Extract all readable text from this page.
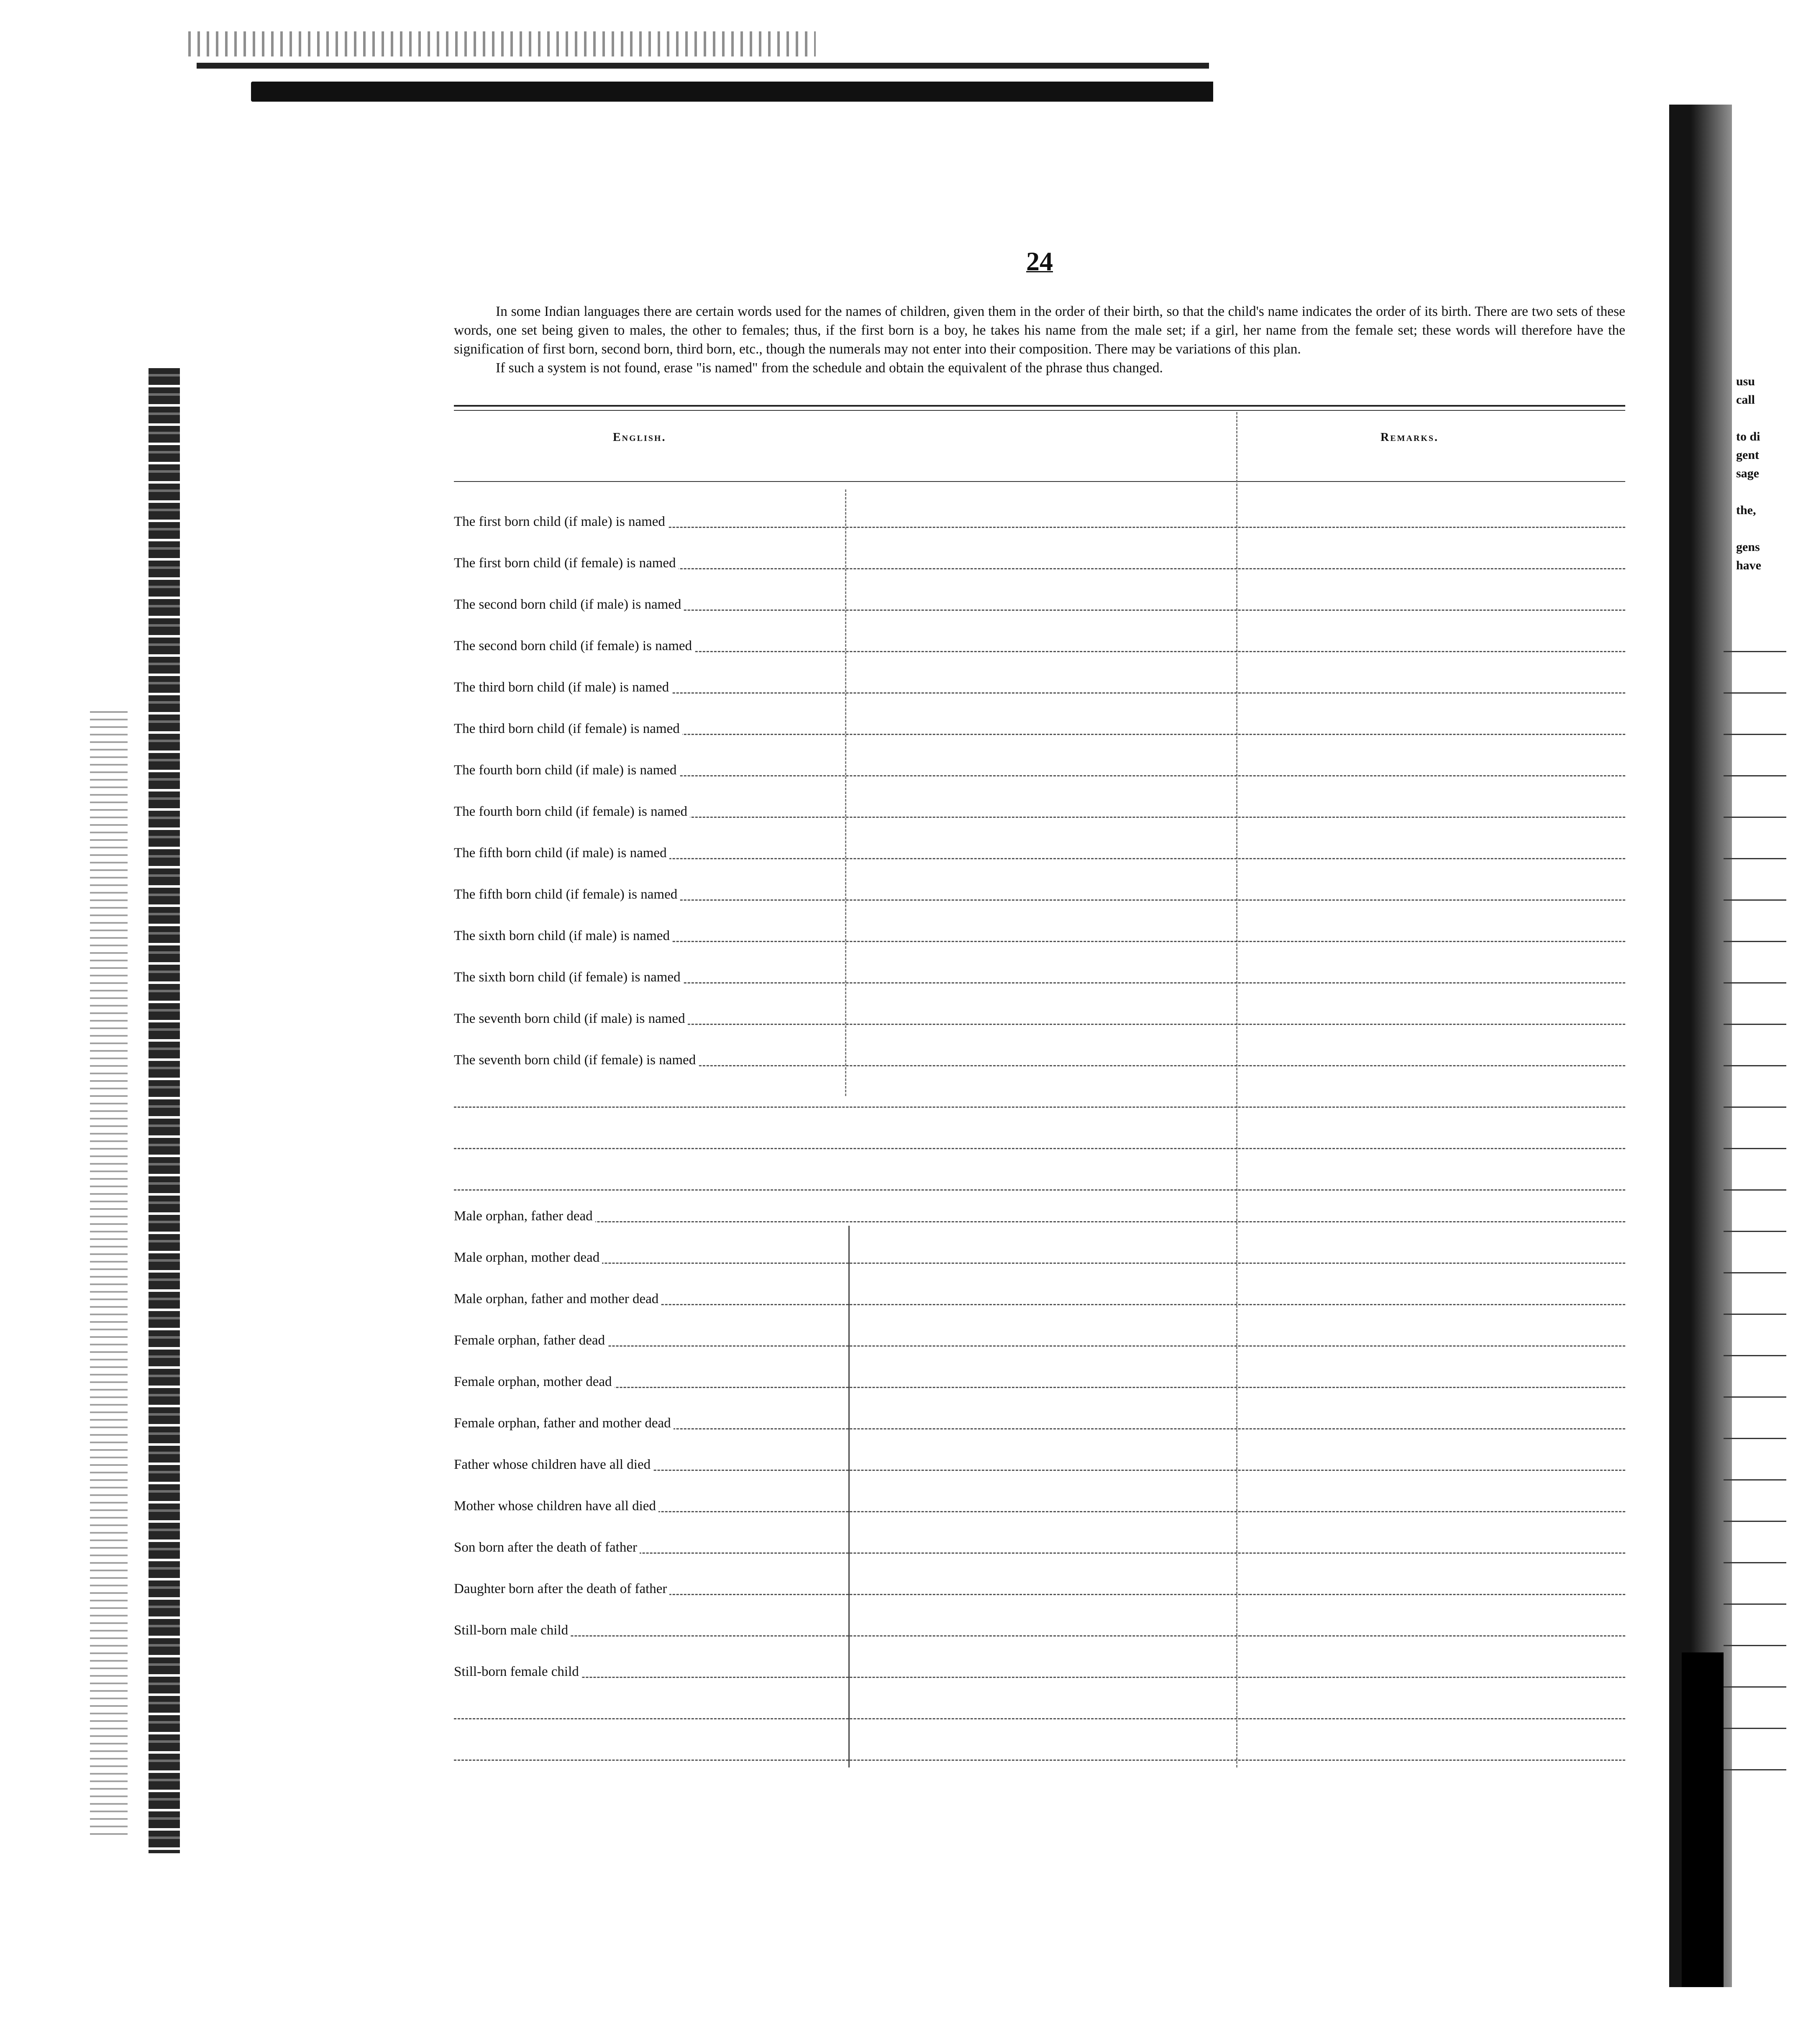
usu
call

to di
gent
sage

the,

gens
have
24

In some Indian languages there are certain words used for the names of children, given them in the order of their birth, so that the child's name indicates the order of its birth. There are two sets of these words, one set being given to males, the other to females; thus, if the first born is a boy, he takes his name from the male set; if a girl, her name from the female set; these words will therefore have the signification of first born, second born, third born, etc., though the numerals may not enter into their composition. There may be variations of this plan.

If such a system is not found, erase "is named" from the schedule and obtain the equivalent of the phrase thus changed.

English.	Remarks.
The first born child (if male) is named
The first born child (if female) is named
The second born child (if male) is named
The second born child (if female) is named
The third born child (if male) is named
The third born child (if female) is named
The fourth born child (if male) is named
The fourth born child (if female) is named
The fifth born child (if male) is named
The fifth born child (if female) is named
The sixth born child (if male) is named
The sixth born child (if female) is named
The seventh born child (if male) is named
The seventh born child (if female) is named
Male orphan, father dead
Male orphan, mother dead
Male orphan, father and mother dead
Female orphan, father dead
Female orphan, mother dead
Female orphan, father and mother dead
Father whose children have all died
Mother whose children have all died
Son born after the death of father
Daughter born after the death of father
Still-born male child
Still-born female child
